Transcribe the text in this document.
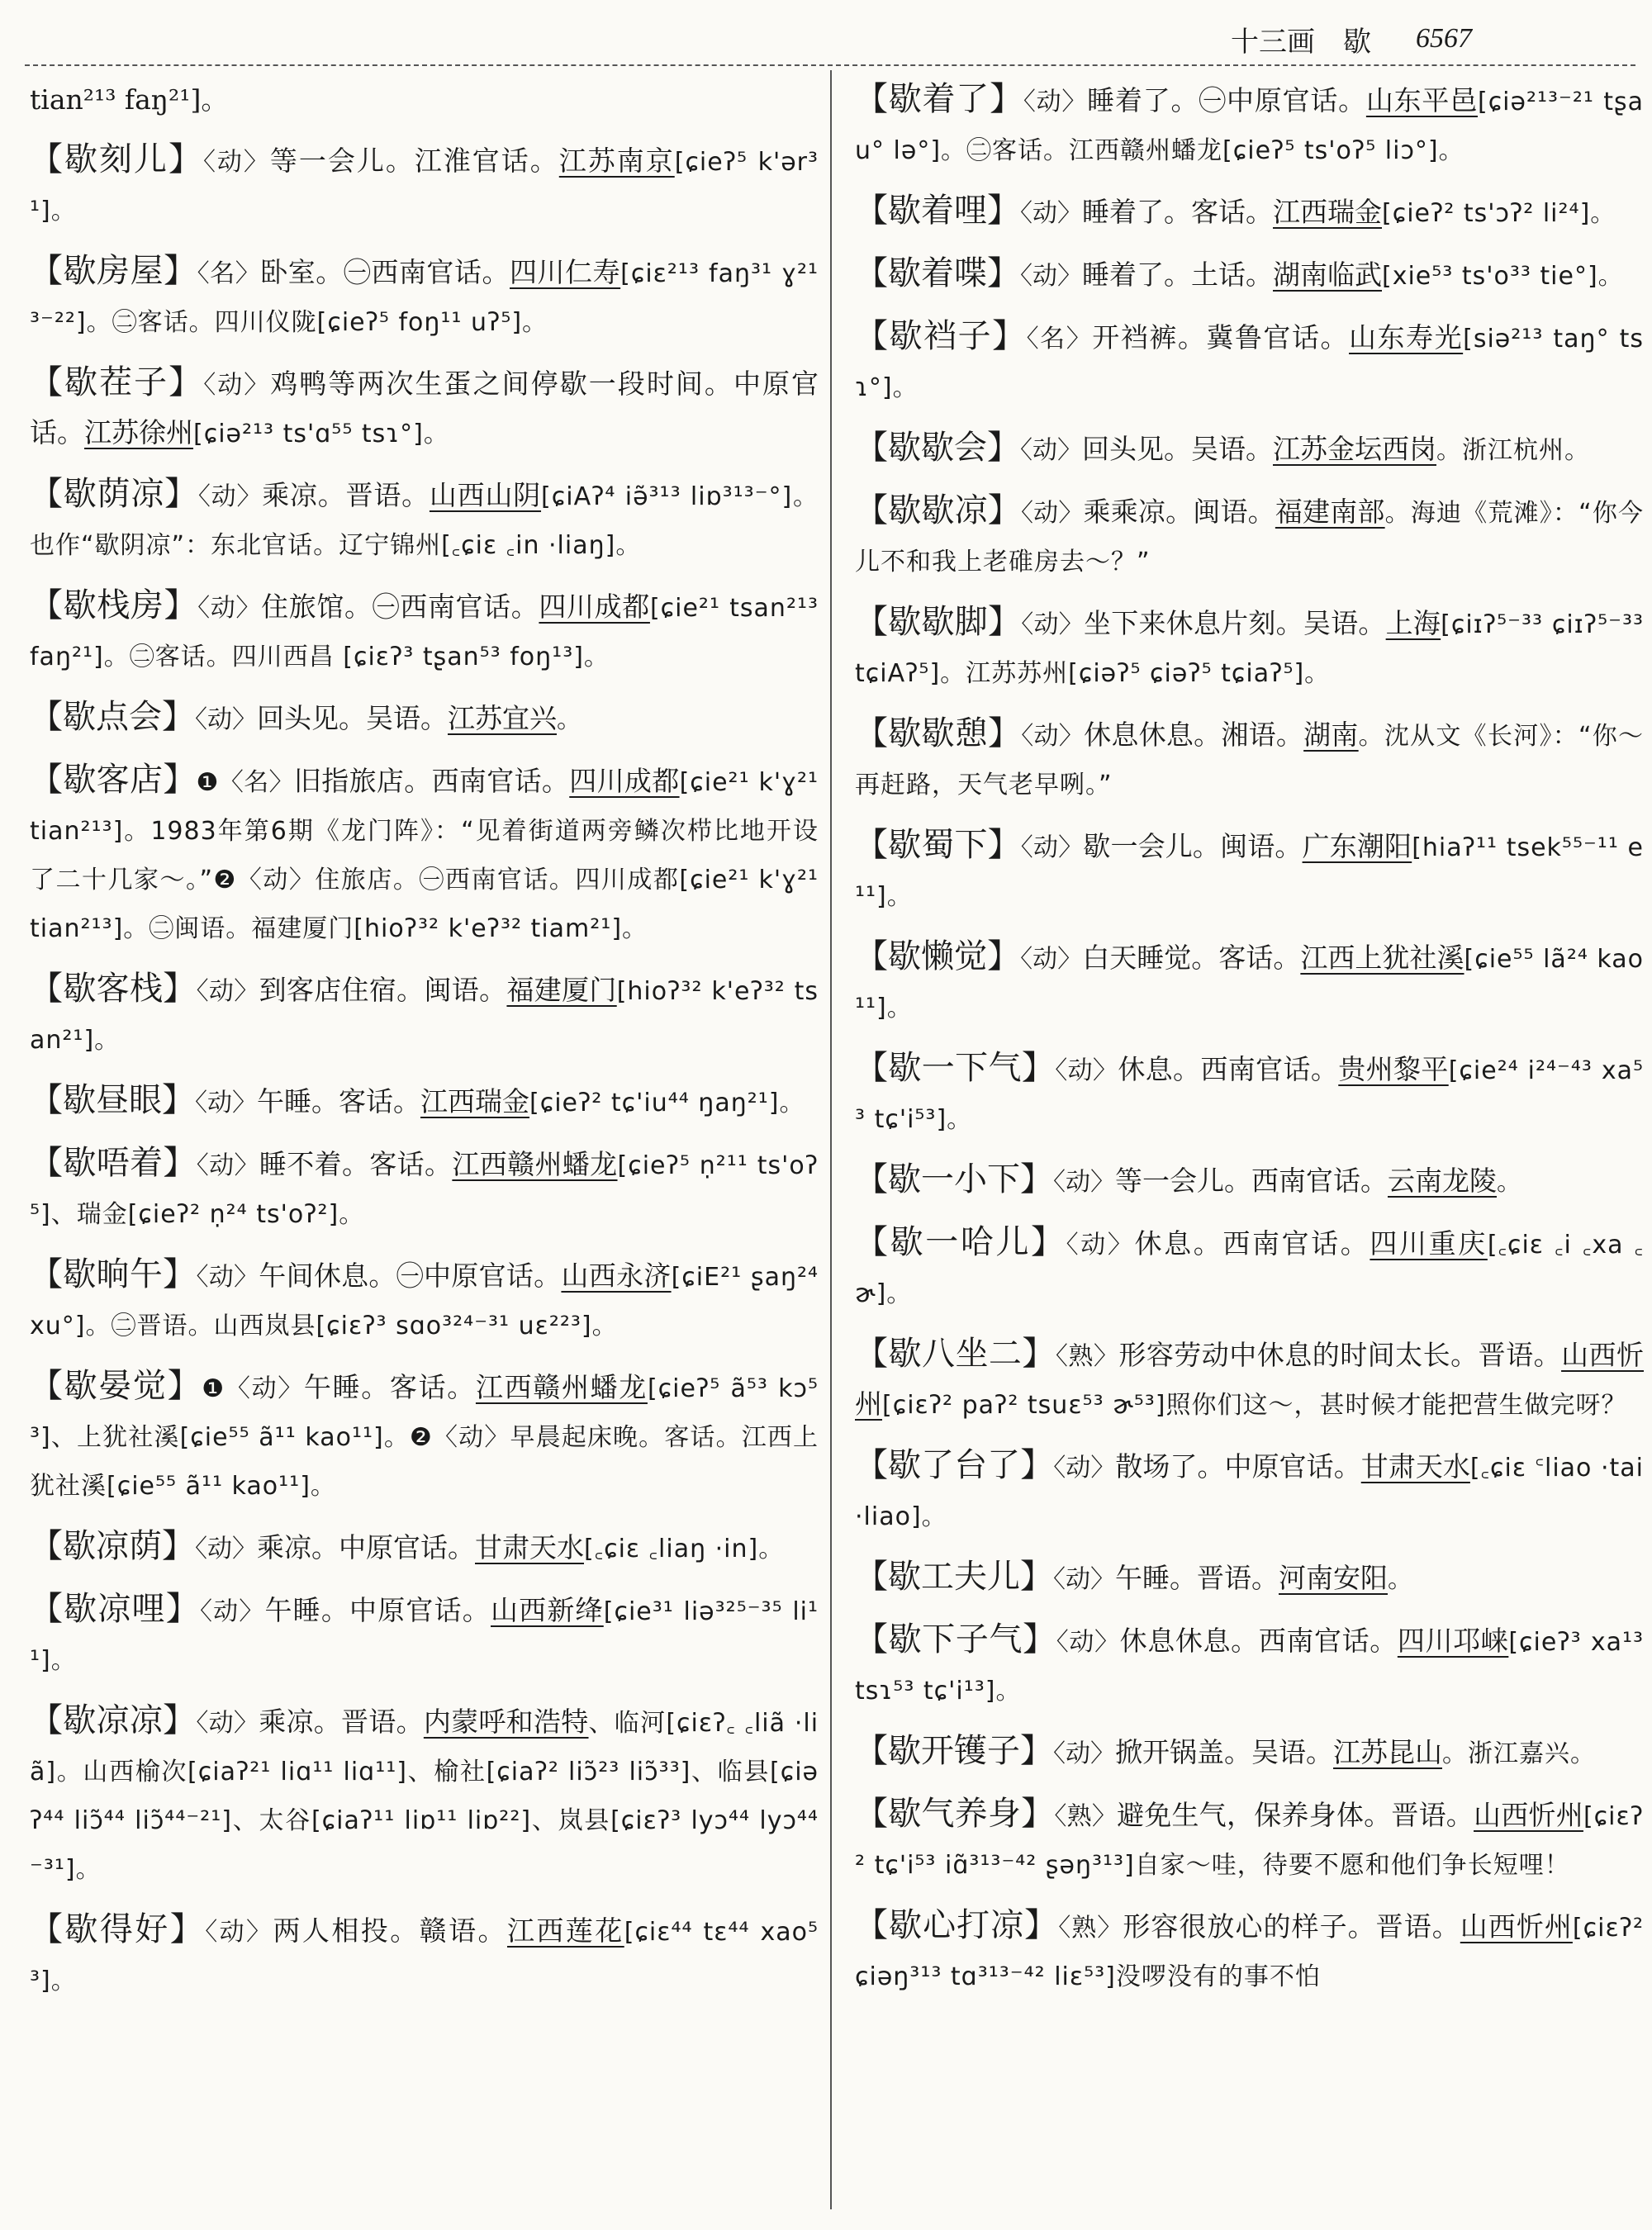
十三画 歇 6567
tian²¹³ faŋ²¹]。
【歇刻儿】〈动〉等一会儿。江淮官话。江苏南京[ɕieʔ⁵ k'ər³¹]。
【歇房屋】〈名〉卧室。㊀西南官话。四川仁寿[ɕiɛ²¹³ faŋ³¹ ɣ²¹³⁻²²]。㊁客话。四川仪陇[ɕieʔ⁵ foŋ¹¹ uʔ⁵]。
【歇茬子】〈动〉鸡鸭等两次生蛋之间停歇一段时间。中原官话。江苏徐州[ɕiə²¹³ ts'ɑ⁵⁵ tsɿ°]。
【歇荫凉】〈动〉乘凉。晋语。山西山阴[ɕiAʔ⁴ iə̃³¹³ liɒ³¹³⁻°]。也作“歇阴凉”：东北官话。辽宁锦州[꜀ɕiɛ ꜀in ·liaŋ]。
【歇栈房】〈动〉住旅馆。㊀西南官话。四川成都[ɕie²¹ tsan²¹³ faŋ²¹]。㊁客话。四川西昌 [ɕiɛʔ³ tʂan⁵³ foŋ¹³]。
【歇点会】〈动〉回头见。吴语。江苏宜兴。
【歇客店】❶〈名〉旧指旅店。西南官话。四川成都[ɕie²¹ k'ɣ²¹ tian²¹³]。1983年第6期《龙门阵》：“见着街道两旁鳞次栉比地开设了二十几家～。”❷〈动〉住旅店。㊀西南官话。四川成都[ɕie²¹ k'ɣ²¹ tian²¹³]。㊁闽语。福建厦门[hioʔ³² k'eʔ³² tiam²¹]。
【歇客栈】〈动〉到客店住宿。闽语。福建厦门[hioʔ³² k'eʔ³² tsan²¹]。
【歇昼眼】〈动〉午睡。客话。江西瑞金[ɕieʔ² tɕ'iu⁴⁴ ŋaŋ²¹]。
【歇唔着】〈动〉睡不着。客话。江西赣州蟠龙[ɕieʔ⁵ ṇ²¹¹ ts'oʔ⁵]、瑞金[ɕieʔ² ṇ²⁴ ts'oʔ²]。
【歇晌午】〈动〉午间休息。㊀中原官话。山西永济[ɕiE²¹ ʂaŋ²⁴ xu°]。㊁晋语。山西岚县[ɕiɛʔ³ sɑo³²⁴⁻³¹ uɛ²²³]。
【歇晏觉】❶〈动〉午睡。客话。江西赣州蟠龙[ɕieʔ⁵ ã⁵³ kɔ⁵³]、上犹社溪[ɕie⁵⁵ ã¹¹ kao¹¹]。❷〈动〉早晨起床晚。客话。江西上犹社溪[ɕie⁵⁵ ã¹¹ kao¹¹]。
【歇凉荫】〈动〉乘凉。中原官话。甘肃天水[꜀ɕiɛ ꜀liaŋ ·in]。
【歇凉哩】〈动〉午睡。中原官话。山西新绛[ɕie³¹ liə³²⁵⁻³⁵ li¹¹]。
【歇凉凉】〈动〉乘凉。晋语。内蒙呼和浩特、临河[ɕiɛʔ꜀ ꜀liã ·liã]。山西榆次[ɕiaʔ²¹ liɑ¹¹ liɑ¹¹]、榆社[ɕiaʔ² liɔ̃²³ liɔ̃³³]、临县[ɕiəʔ⁴⁴ liɔ̃⁴⁴ liɔ̃⁴⁴⁻²¹]、太谷[ɕiaʔ¹¹ liɒ¹¹ liɒ²²]、岚县[ɕiɛʔ³ lyɔ⁴⁴ lyɔ⁴⁴⁻³¹]。
【歇得好】〈动〉两人相投。赣语。江西莲花[ɕiɛ⁴⁴ tɛ⁴⁴ xao⁵³]。
【歇着了】〈动〉睡着了。㊀中原官话。山东平邑[ɕiə²¹³⁻²¹ tʂau° lə°]。㊁客话。江西赣州蟠龙[ɕieʔ⁵ ts'oʔ⁵ liɔ°]。
【歇着哩】〈动〉睡着了。客话。江西瑞金[ɕieʔ² ts'ɔʔ² li²⁴]。
【歇着喋】〈动〉睡着了。土话。湖南临武[xie⁵³ ts'o³³ tie°]。
【歇裆子】〈名〉开裆裤。冀鲁官话。山东寿光[siə²¹³ taŋ° tsɿ°]。
【歇歇会】〈动〉回头见。吴语。江苏金坛西岗。浙江杭州。
【歇歇凉】〈动〉乘乘凉。闽语。福建南部。海迪《荒滩》：“你今儿不和我上老碓房去～？”
【歇歇脚】〈动〉坐下来休息片刻。吴语。上海[ɕiɪʔ⁵⁻³³ ɕiɪʔ⁵⁻³³ tɕiAʔ⁵]。江苏苏州[ɕiəʔ⁵ ɕiəʔ⁵ tɕiaʔ⁵]。
【歇歇憩】〈动〉休息休息。湘语。湖南。沈从文《长河》：“你～再赶路，天气老早咧。”
【歇蜀下】〈动〉歇一会儿。闽语。广东潮阳[hiaʔ¹¹ tsek⁵⁵⁻¹¹ e¹¹]。
【歇懒觉】〈动〉白天睡觉。客话。江西上犹社溪[ɕie⁵⁵ lã²⁴ kao¹¹]。
【歇一下气】〈动〉休息。西南官话。贵州黎平[ɕie²⁴ i²⁴⁻⁴³ xa⁵³ tɕ'i⁵³]。
【歇一小下】〈动〉等一会儿。西南官话。云南龙陵。
【歇一哈儿】〈动〉休息。西南官话。四川重庆[꜀ɕiɛ ꜀i ꜀xa ꜀ɚ]。
【歇八坐二】〈熟〉形容劳动中休息的时间太长。晋语。山西忻州[ɕiɛʔ² paʔ² tsuɛ⁵³ ɚ⁵³]照你们这～，甚时候才能把营生做完呀？
【歇了台了】〈动〉散场了。中原官话。甘肃天水[꜀ɕiɛ ꜂liao ·tai ·liao]。
【歇工夫儿】〈动〉午睡。晋语。河南安阳。
【歇下子气】〈动〉休息休息。西南官话。四川邛崃[ɕieʔ³ xa¹³ tsɿ⁵³ tɕ'i¹³]。
【歇开镬子】〈动〉掀开锅盖。吴语。江苏昆山。浙江嘉兴。
【歇气养身】〈熟〉避免生气，保养身体。晋语。山西忻州[ɕiɛʔ² tɕ'i⁵³ iɑ̃³¹³⁻⁴² ʂəŋ³¹³]自家～哇，待要不愿和他们争长短哩！
【歇心打凉】〈熟〉形容很放心的样子。晋语。山西忻州[ɕiɛʔ² ɕiəŋ³¹³ tɑ³¹³⁻⁴² liɛ⁵³]没啰没有的事不怕
